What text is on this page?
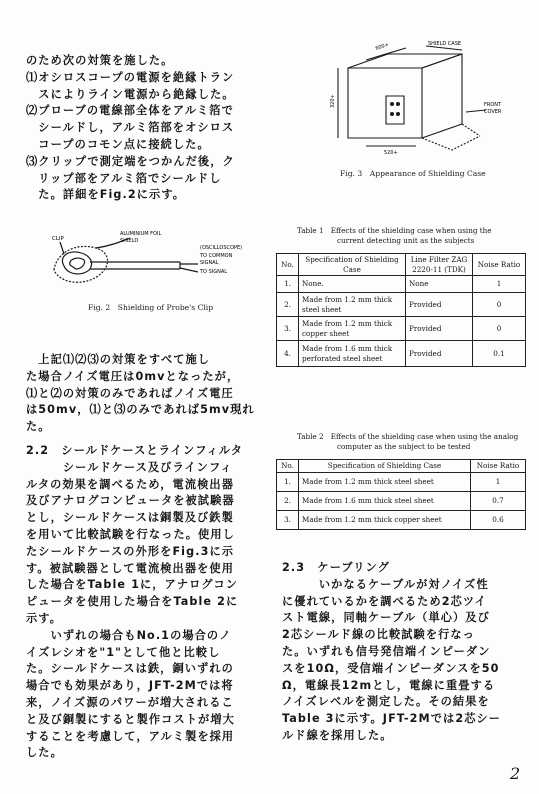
のため次の対策を施した。
⑴オシロスコープの電源を絶縁トラン
　スによりライン電源から絶縁した。
⑵プローブの電線部全体をアルミ箔で
　シールドし，アルミ箔部をオシロス
　コープのコモン点に接続した。
⑶クリップで測定端をつかんだ後，ク
　リップ部をアルミ箔でシールドし
　た。詳細をFig.2に示す。
CLIP
ALUMINIUM FOIL
SHIELD
(OSCILLOSCOPE)
TO COMMON
SIGNAL
TO SIGNAL
Fig. 2　Shielding of Probe's Clip
　上記⑴⑵⑶の対策をすべて施し
た場合ノイズ電圧は0mvとなったが，
⑴と⑵の対策のみであればノイズ電圧
は50mv，⑴と⑶のみであれば5mv現れ
た。
2.2　シールドケースとラインフィルタ
　　　シールドケース及びラインフィ
ルタの効果を調べるため，電流検出器
及びアナログコンピュータを被試験器
とし，シールドケースは銅製及び鉄製
を用いて比較試験を行なった。使用し
たシールドケースの外形をFig.3に示
す。被試験器として電流検出器を使用
した場合をTable 1に，アナログコン
ピュータを使用した場合をTable 2に
示す。
　　いずれの場合もNo.1の場合のノ
イズレシオを"1"として他と比較し
た。シールドケースは鉄，銅いずれの
場合でも効果があり，JFT-2Mでは将
来，ノイズ源のパワーが増大されるこ
と及び銅製にすると製作コストが増大
することを考慮して，アルミ製を採用
した。
600+
320+
520+
SHIELD CASE
FRONT
COVER
Fig. 3　Appearance of Shielding Case
Table 1　Effects of the shielding case when using the
current detecting unit as the subjects
No.	Specification of Shielding Case	Line Filter ZAG 2220-11 (TDK)	Noise Ratio
1.	None.	None	1
2.	Made from 1.2 mm thick steel sheet	Provided	0
3.	Made from 1.2 mm thick copper sheet	Provided	0
4.	Made from 1.6 mm thick perforated steel sheet	Provided	0.1
Table 2　Effects of the shielding case when using the analog
computer as the subject to be tested
No.	Specification of Shielding Case	Noise Ratio
1.	Made from 1.2 mm thick steel sheet	1
2.	Made from 1.6 mm thick steel sheet	0.7
3.	Made from 1.2 mm thick copper sheet	0.6
2.3　ケーブリング
　　　いかなるケーブルが対ノイズ性
に優れているかを調べるため2芯ツイ
スト電線，同軸ケーブル（単心）及び
2芯シールド線の比較試験を行なっ
た。いずれも信号発信端インピーダン
スを10Ω，受信端インピーダンスを50
Ω，電線長12mとし，電線に重畳する
ノイズレベルを測定した。その結果を
Table 3に示す。JFT-2Mでは2芯シー
ルド線を採用した。
2
